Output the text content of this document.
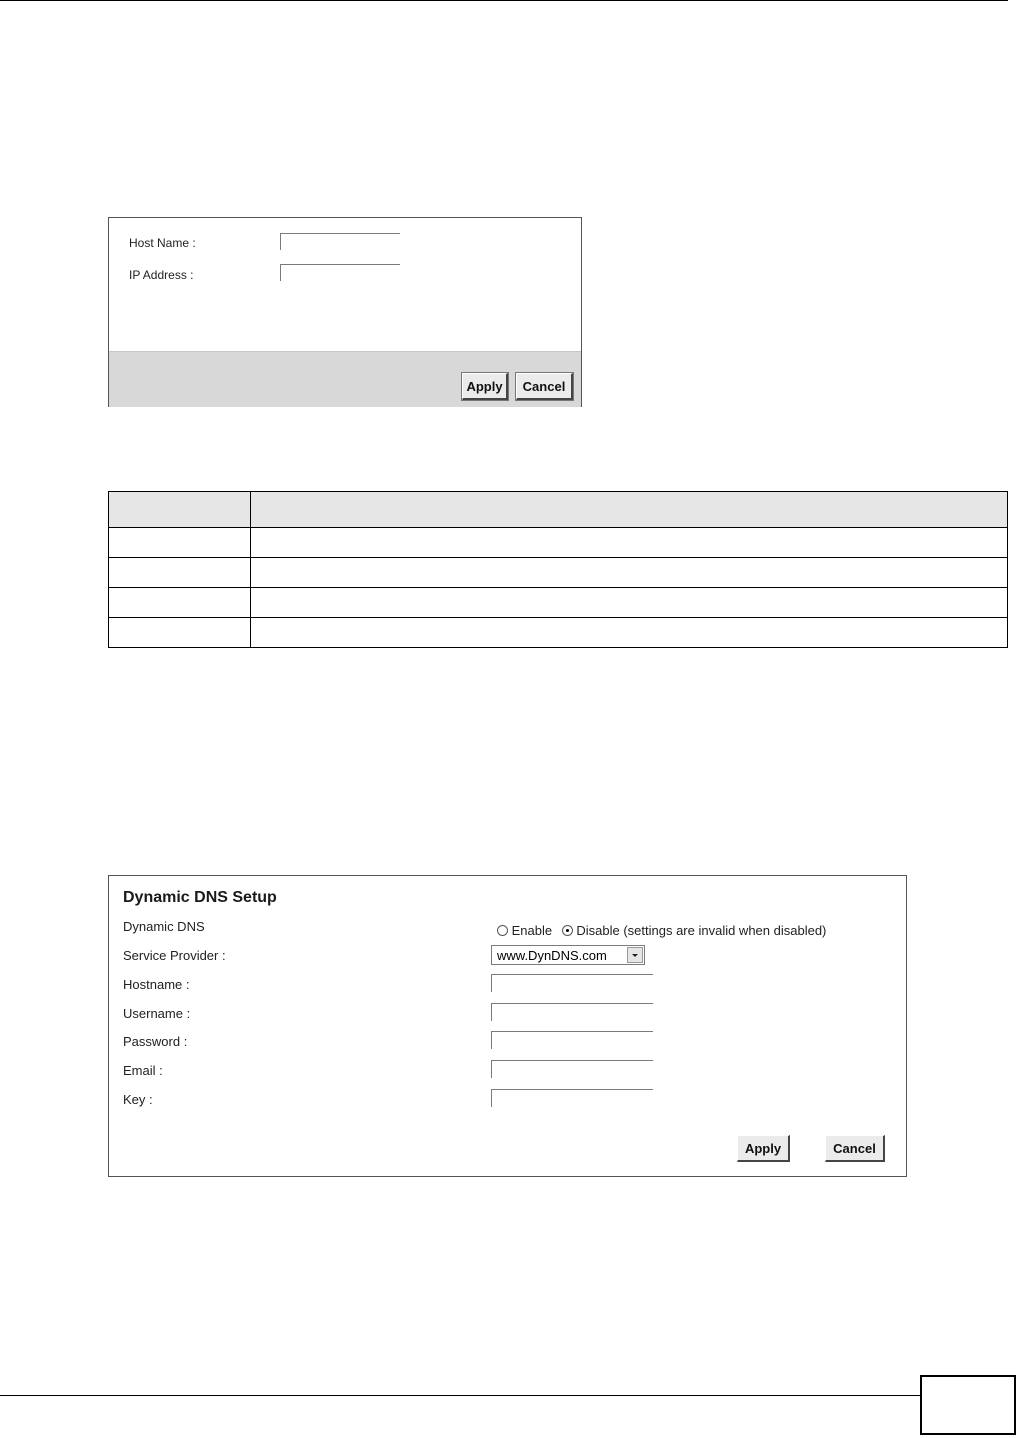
Host Name :
IP Address :
Apply	Cancel

Dynamic DNS Setup
Dynamic DNS	Enable Disable (settings are invalid when disabled)
Service Provider :	www.DynDNS.com
Hostname :
Username :
Password :
Email :
Key :
Apply	Cancel
